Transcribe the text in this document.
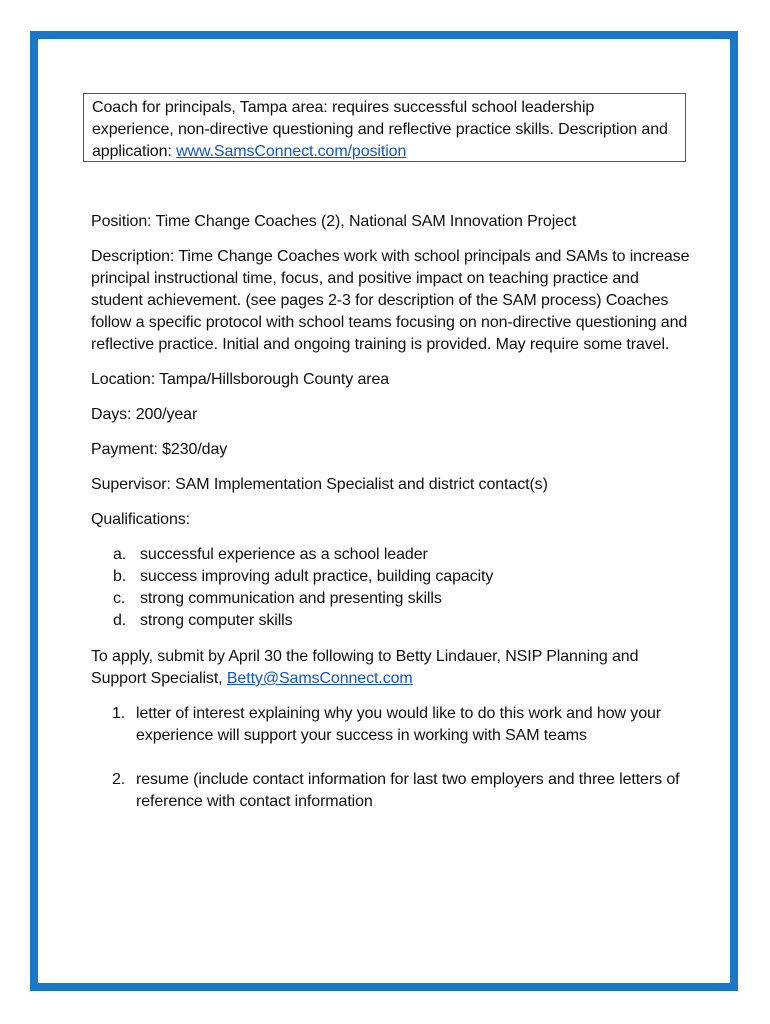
Coach for principals, Tampa area: requires successful school leadership experience, non-directive questioning and reflective practice skills. Description and application: www.SamsConnect.com/position

Position: Time Change Coaches (2), National SAM Innovation Project

Description: Time Change Coaches work with school principals and SAMs to increase principal instructional time, focus, and positive impact on teaching practice and student achievement. (see pages 2-3 for description of the SAM process) Coaches follow a specific protocol with school teams focusing on non-directive questioning and reflective practice. Initial and ongoing training is provided. May require some travel.

Location: Tampa/Hillsborough County area

Days: 200/year

Payment: $230/day

Supervisor: SAM Implementation Specialist and district contact(s)

Qualifications:

a. successful experience as a school leader
b. success improving adult practice, building capacity
c. strong communication and presenting skills
d. strong computer skills

To apply, submit by April 30 the following to Betty Lindauer, NSIP Planning and Support Specialist, Betty@SamsConnect.com

1. letter of interest explaining why you would like to do this work and how your experience will support your success in working with SAM teams
2. resume (include contact information for last two employers and three letters of reference with contact information
